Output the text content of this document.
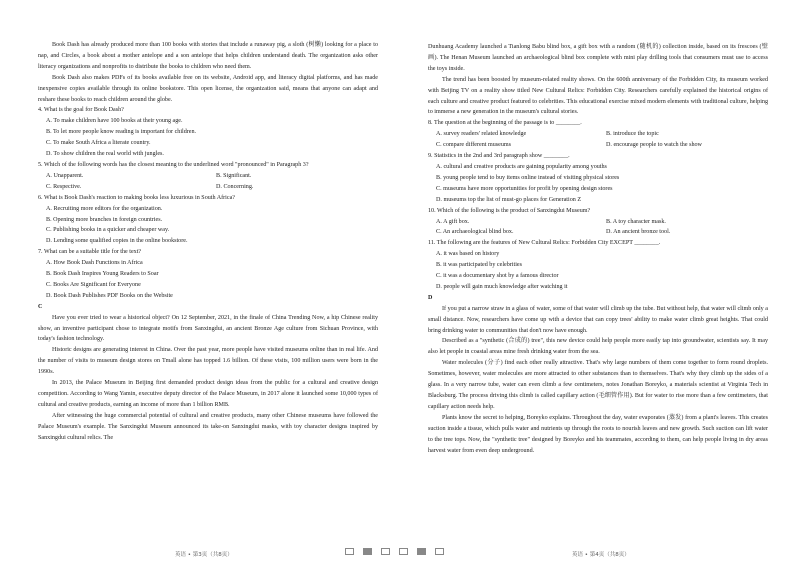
Book Dash has already produced more than 100 books with stories that include a runaway pig, a sloth (树懒) looking for a place to nap, and Circles, a book about a mother antelope and a son antelope that helps children understand death. The organization asks other literacy organizations and nonprofits to distribute the books to children who need them.

Book Dash also makes PDFs of its books available free on its website, Android app, and literacy digital platforms, and has made inexpensive copies available through its online bookstore. This open license, the organization said, means that anyone can adapt and reshare these books to reach children around the globe.

4. What is the goal for Book Dash?

A. To make children have 100 books at their young age.

B. To let more people know reading is important for children.

C. To make South Africa a literate country.

D. To show children the real world with jungles.

5. Which of the following words has the closest meaning to the underlined word "pronounced" in Paragraph 3?

A. Unapparent.	B. Significant.
C. Respective.	D. Concerning.

6. What is Book Dash's reaction to making books less luxurious in South Africa?

A. Recruiting more editors for the organization.

B. Opening more branches in foreign countries.

C. Publishing books in a quicker and cheaper way.

D. Lending some qualified copies in the online bookstore.

7. What can be a suitable title for the text?

A. How Book Dash Functions in Africa

B. Book Dash Inspires Young Readers to Soar

C. Books Are Significant for Everyone

D. Book Dash Publishes PDF Books on the Website

C

Have you ever tried to wear a historical object? On 12 September, 2021, in the finale of China Trending Now, a hip Chinese reality show, an inventive participant chose to integrate motifs from Sanxingdui, an ancient Bronze Age culture from Sichuan Province, with today's fashion technology.

Historic designs are generating interest in China. Over the past year, more people have visited museums online than in real life. And the number of visits to museum design stores on Tmall alone has topped 1.6 billion. Of these visits, 100 million users were born in the 1990s.

In 2013, the Palace Museum in Beijing first demanded product design ideas from the public for a cultural and creative design competition. According to Wang Yamin, executive deputy director of the Palace Museum, in 2017 alone it launched some 10,000 types of cultural and creative products, earning an income of more than 1 billion RMB.

After witnessing the huge commercial potential of cultural and creative products, many other Chinese museums have followed the Palace Museum's example. The Sanxingdui Museum announced its take-on Sanxingdui masks, with toy character designs inspired by Sanxingdui cultural relics. The

Dunhuang Academy launched a Tianlong Babu blind box, a gift box with a random (随机的) collection inside, based on its frescoes (壁画). The Henan Museum launched an archaeological blind box complete with mini play drilling tools that consumers must use to access the toys inside.

The trend has been boosted by museum-related reality shows. On the 600th anniversary of the Forbidden City, its museum worked with Beijing TV on a reality show titled New Cultural Relics: Forbidden City. Researchers carefully explained the historical origins of each culture and creative product featured to celebrities. This educational exercise mixed modern elements with traditional culture, helping to immerse a new generation in the museum's cultural stories.

8. The question at the beginning of the passage is to ________.

A. survey readers' related knowledge	B. introduce the topic
C. compare different museums	D. encourage people to watch the show

9. Statistics in the 2nd and 3rd paragraph show ________.

A. cultural and creative products are gaining popularity among youths

B. young people tend to buy items online instead of visiting physical stores

C. museums have more opportunities for profit by opening design stores

D. museums top the list of must-go places for Generation Z

10. Which of the following is the product of Sanxingdui Museum?

A. A gift box.	B. A toy character mask.
C. An archaeological blind box.	D. An ancient bronze tool.

11. The following are the features of New Cultural Relics: Forbidden City EXCEPT ________.

A. it was based on history

B. it was participated by celebrities

C. it was a documentary shot by a famous director

D. people will gain much knowledge after watching it

D

If you put a narrow straw in a glass of water, some of that water will climb up the tube. But without help, that water will climb only a small distance. Now, researchers have come up with a device that can copy trees' ability to make water climb great heights. That could bring drinking water to communities that don't now have enough.

Described as a "synthetic (合成的) tree", this new device could help people more easily tap into groundwater, scientists say. It may also let people in coastal areas mine fresh drinking water from the sea.

Water molecules (分子) find each other really attractive. That's why large numbers of them come together to form round droplets. Sometimes, however, water molecules are more attracted to other substances than to themselves. That's why they climb up the sides of a glass. In a very narrow tube, water can even climb a few centimeters, notes Jonathan Boreyko, a materials scientist at Virginia Tech in Blacksburg. The process driving this climb is called capillary action (毛细管作用). But for water to rise more than a few centimeters, that capillary action needs help.

Plants know the secret to helping, Boreyko explains. Throughout the day, water evaporates (蒸发) from a plant's leaves. This creates suction inside a tissue, which pulls water and nutrients up through the roots to nourish leaves and new growth. Such suction can lift water to the tree tops. Now, the "synthetic tree" designed by Boreyko and his teammates, according to them, can help people living in dry areas harvest water from even deep underground.

英语 • 第3页（共8页）	英语 • 第4页（共8页）
